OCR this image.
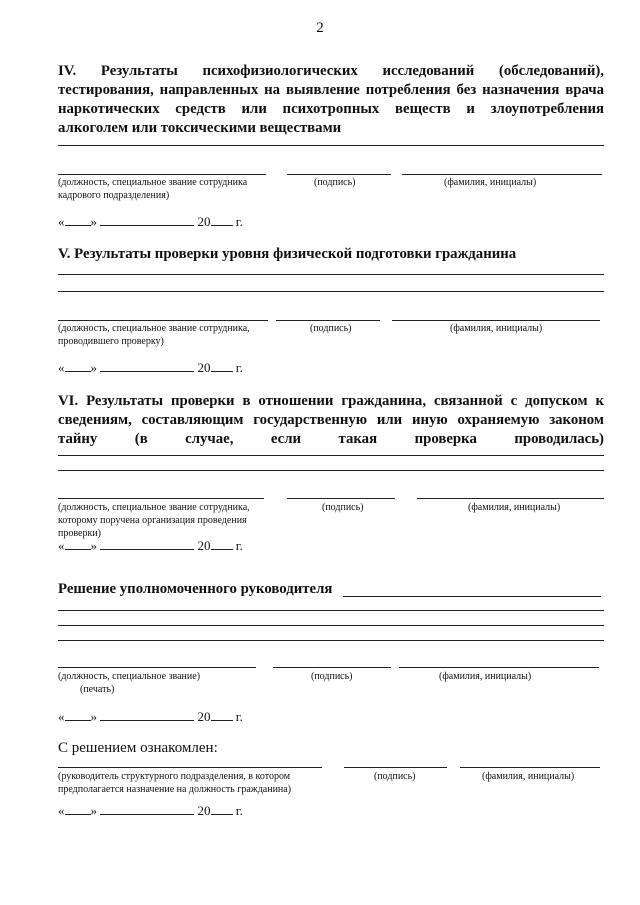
2
IV. Результаты психофизиологических исследований (обследований), тестирования, направленных на выявление потребления без назначения врача наркотических средств или психотропных веществ и злоупотребления алкоголем или токсическими веществами
(должность, специальное звание сотрудника кадрового подразделения)
(подпись)	(фамилия, инициалы)
« »	20 г.
V. Результаты проверки уровня физической подготовки гражданина
(должность, специальное звание сотрудника, проводившего проверку)
(подпись)	(фамилия, инициалы)
« »	20 г.
VI. Результаты проверки в отношении гражданина, связанной с допуском к сведениям, составляющим государственную или иную охраняемую законом тайну (в случае, если такая проверка проводилась)
(должность, специальное звание сотрудника, которому поручена организация проведения проверки)
(подпись)	(фамилия, инициалы)
« »	20 г.
Решение уполномоченного руководителя
(должность, специальное звание)
(печать)
(подпись)	(фамилия, инициалы)
« »	20 г.
С решением ознакомлен:
(руководитель структурного подразделения, в котором предполагается назначение на должность гражданина)
(подпись)	(фамилия, инициалы)
« »	20 г.
